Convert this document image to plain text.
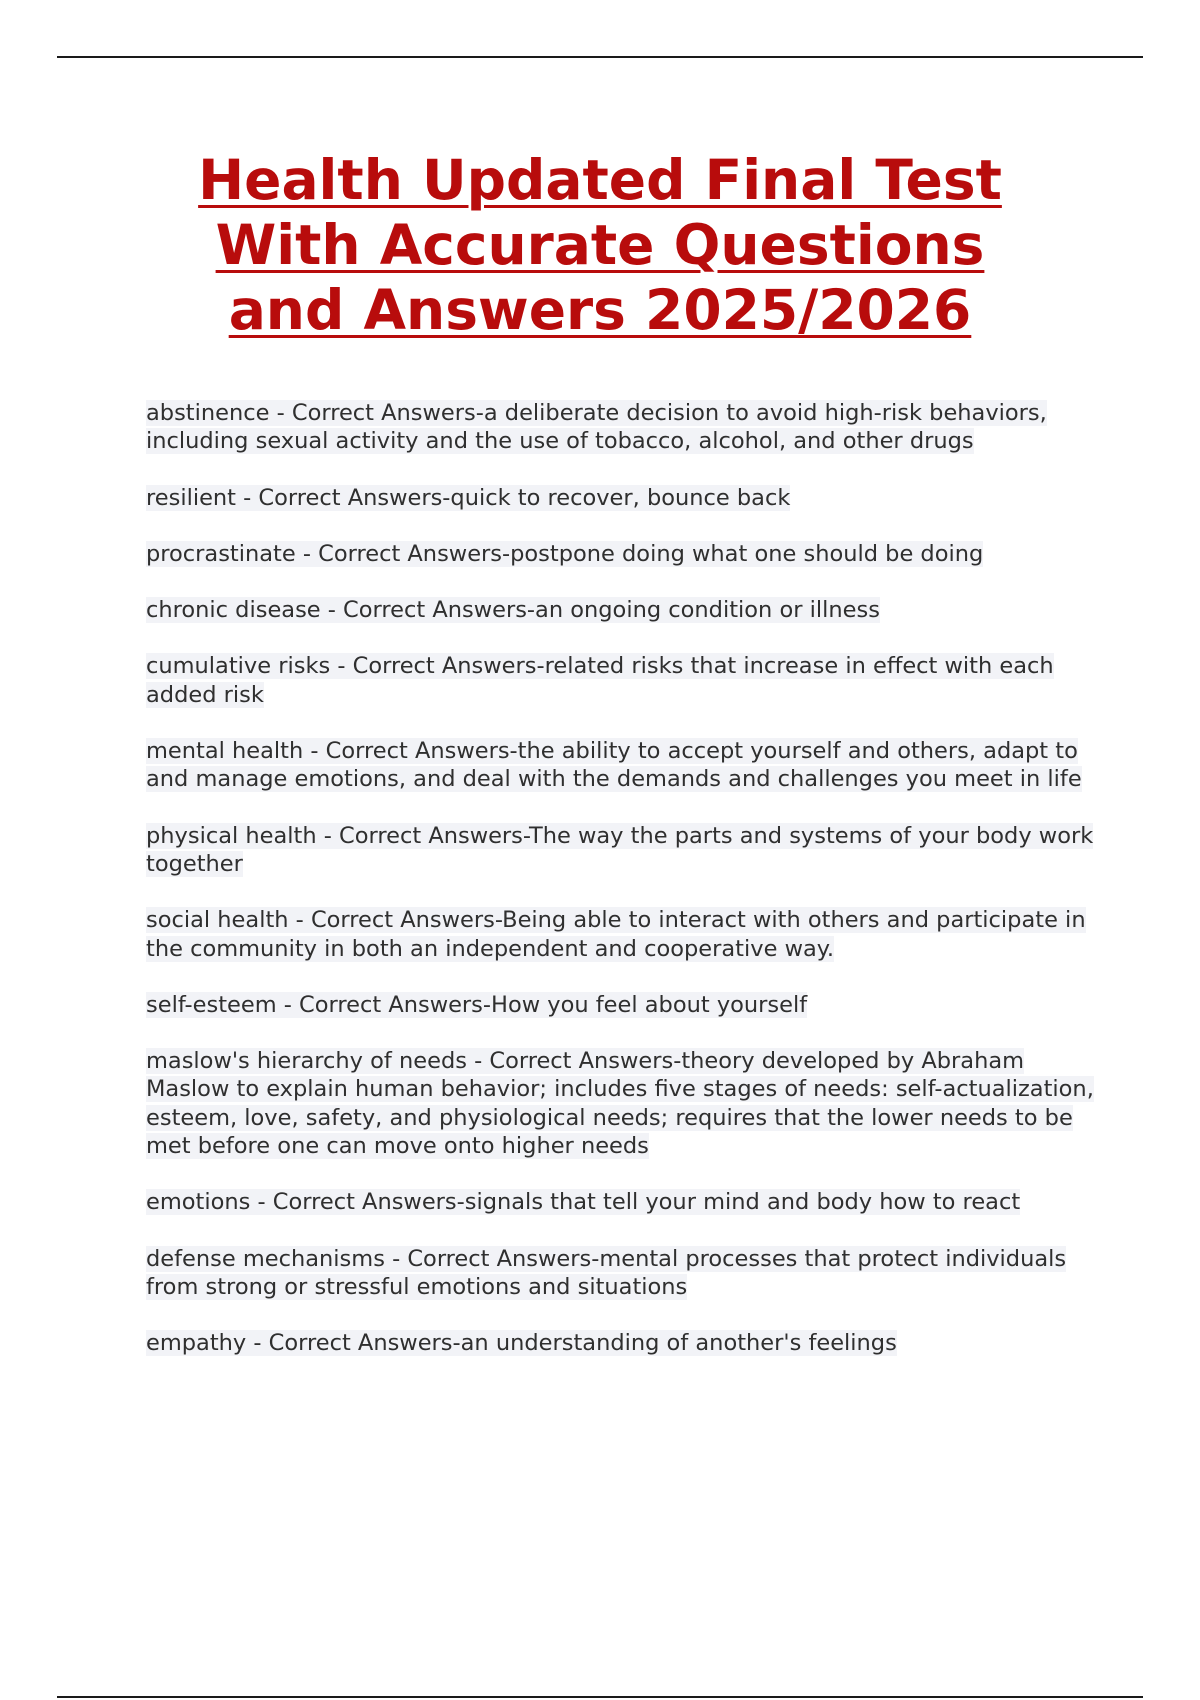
Health Updated Final Test With Accurate Questions and Answers 2025/2026
abstinence - Correct Answers-a deliberate decision to avoid high-risk behaviors, including sexual activity and the use of tobacco, alcohol, and other drugs
resilient - Correct Answers-quick to recover, bounce back
procrastinate - Correct Answers-postpone doing what one should be doing
chronic disease - Correct Answers-an ongoing condition or illness
cumulative risks - Correct Answers-related risks that increase in effect with each added risk
mental health - Correct Answers-the ability to accept yourself and others, adapt to and manage emotions, and deal with the demands and challenges you meet in life
physical health - Correct Answers-The way the parts and systems of your body work together
social health - Correct Answers-Being able to interact with others and participate in the community in both an independent and cooperative way.
self-esteem - Correct Answers-How you feel about yourself
maslow's hierarchy of needs - Correct Answers-theory developed by Abraham Maslow to explain human behavior; includes five stages of needs: self-actualization, esteem, love, safety, and physiological needs; requires that the lower needs to be met before one can move onto higher needs
emotions - Correct Answers-signals that tell your mind and body how to react
defense mechanisms - Correct Answers-mental processes that protect individuals from strong or stressful emotions and situations
empathy - Correct Answers-an understanding of another's feelings
